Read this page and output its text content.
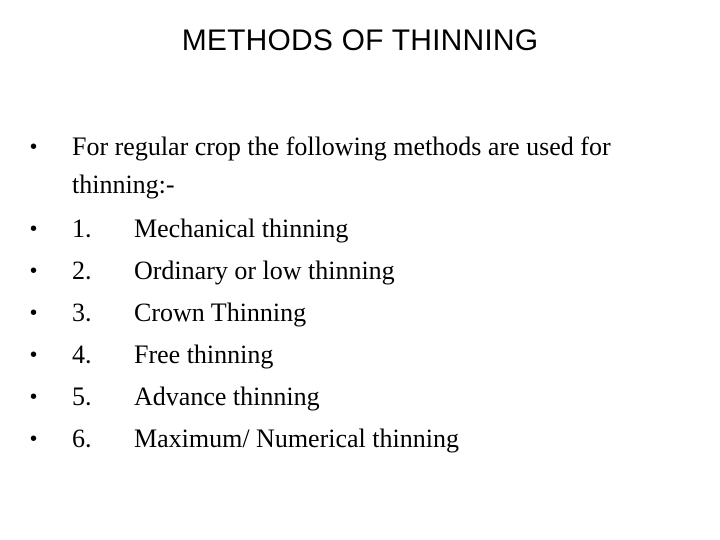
METHODS OF THINNING
• For regular crop the following methods are used for thinning:-
• 1. Mechanical thinning
• 2. Ordinary or low thinning
• 3. Crown Thinning
• 4. Free thinning
• 5. Advance thinning
• 6. Maximum/ Numerical thinning
